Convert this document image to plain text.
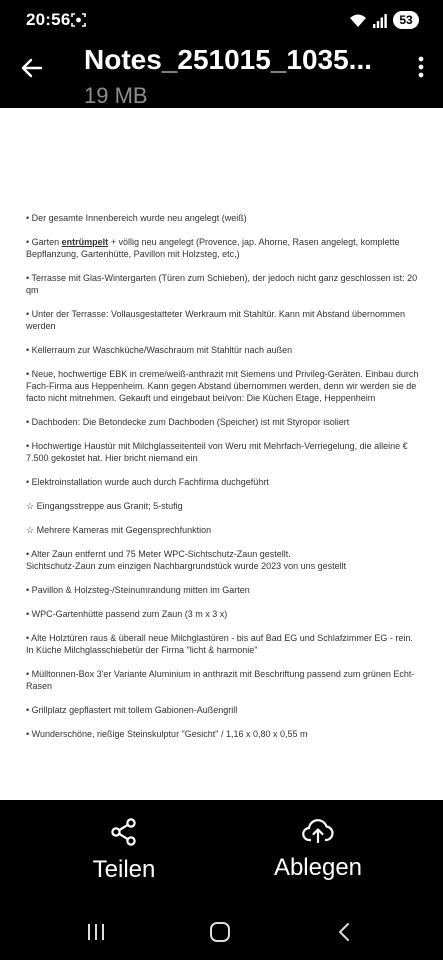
20:56	53
Notes_251015_1035...
19 MB

• Der gesamte Innenbereich wurde neu angelegt (weiß)

• Garten entrümpelt + völlig neu angelegt (Provence, jap. Ahorne, Rasen angelegt, komplette Bepflanzung, Gartenhütte, Pavillon mit Holzsteg, etc,)

• Terrasse mit Glas-Wintergarten (Türen zum Schieben), der jedoch nicht ganz geschlossen ist: 20 qm

• Unter der Terrasse: Vollausgestatteter Werkraum mit Stahltür. Kann mit Abstand übernommen werden

• Kellerraum zur Waschküche/Waschraum mit Stahltür nach außen

• Neue, hochwertige EBK in creme/weiß-anthrazit mit Siemens und Privileg-Geräten. Einbau durch Fach-Firma aus Heppenheim. Kann gegen Abstand übernommen werden, denn wir werden sie de facto nicht mitnehmen. Gekauft und eingebaut bei/von: Die Küchen Etage, Heppenheim

• Dachboden: Die Betondecke zum Dachboden (Speicher) ist mit Styropor isoliert

• Hochwertige Haustür mit Milchglasseitenteil von Weru mit Mehrfach-Verriegelung, die alleine € 7.500 gekostet hat. Hier bricht niemand ein

• Elektroinstallation wurde auch durch Fachfirma duchgeführt

☆ Eingangsstreppe aus Granit; 5-stufig

☆ Mehrere Kameras mit Gegensprechfunktion

• Alter Zaun entfernt und 75 Meter WPC-Sichtschutz-Zaun gestellt.
Sichtschutz-Zaun zum einzigen Nachbargrundstück wurde 2023 von uns gestellt

• Pavillon & Holzsteg-/Steinumrandung mitten im Garten

• WPC-Gartenhütte passend zum Zaun (3 m x 3 x)

• Alte Holztüren raus & überall neue Milchglastüren - bis auf Bad EG und Schlafzimmer EG - rein. In Küche Milchglasschiebetür der Firma "licht & harmonie"

• Mülltonnen-Box 3'er Variante Aluminium in anthrazit mit Beschriftung passend zum grünen Echt-Rasen

• Grillplatz gepflastert mit tollem Gabionen-Außengrill

• Wunderschöne, rießige Steinskulptur "Gesicht" / 1,16 x 0,80 x 0,55 m

Teilen	Ablegen
